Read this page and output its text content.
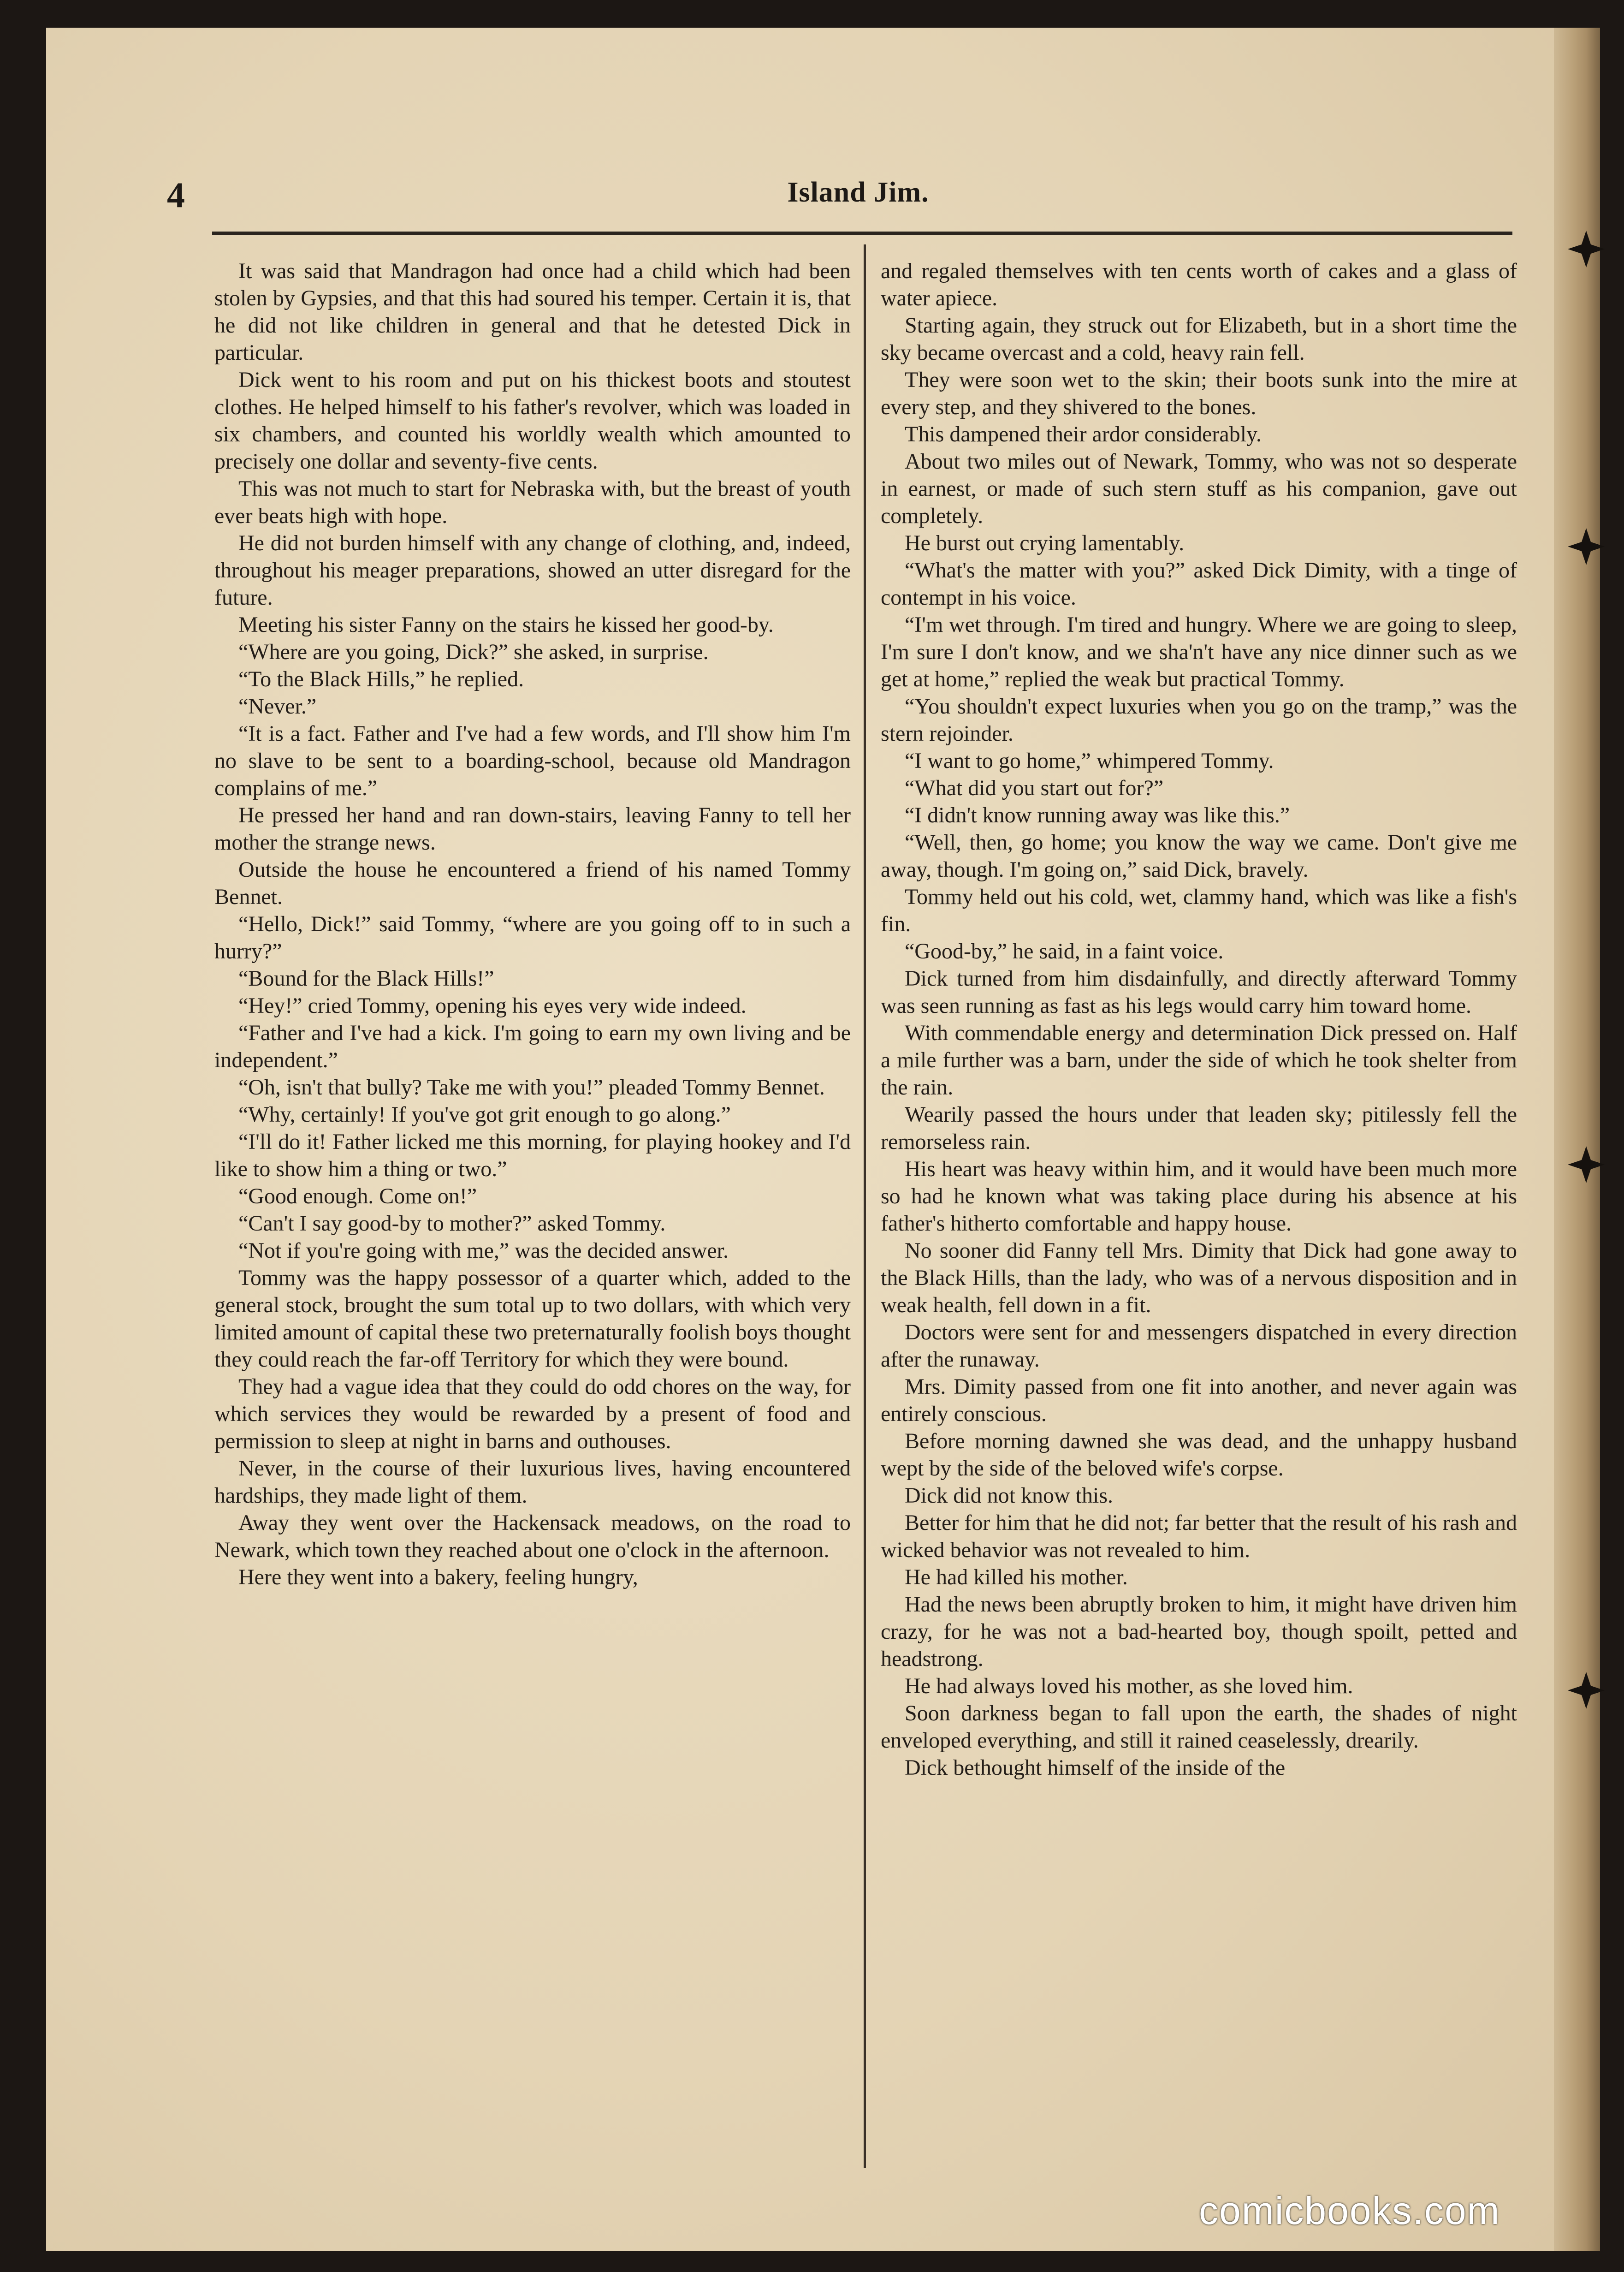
4	Island Jim.

It was said that Mandragon had once had a child which had been stolen by Gypsies, and that this had soured his temper. Certain it is, that he did not like children in general and that he detested Dick in particular.

Dick went to his room and put on his thickest boots and stoutest clothes. He helped himself to his father's revolver, which was loaded in six chambers, and counted his worldly wealth which amounted to precisely one dollar and seventy-five cents.

This was not much to start for Nebraska with, but the breast of youth ever beats high with hope.

He did not burden himself with any change of clothing, and, indeed, throughout his meager preparations, showed an utter disregard for the future.

Meeting his sister Fanny on the stairs he kissed her good-by.

“Where are you going, Dick?” she asked, in surprise.

“To the Black Hills,” he replied.

“Never.”

“It is a fact. Father and I've had a few words, and I'll show him I'm no slave to be sent to a boarding-school, because old Mandragon complains of me.”

He pressed her hand and ran down-stairs, leaving Fanny to tell her mother the strange news.

Outside the house he encountered a friend of his named Tommy Bennet.

“Hello, Dick!” said Tommy, “where are you going off to in such a hurry?”

“Bound for the Black Hills!”

“Hey!” cried Tommy, opening his eyes very wide indeed.

“Father and I've had a kick. I'm going to earn my own living and be independent.”

“Oh, isn't that bully? Take me with you!” pleaded Tommy Bennet.

“Why, certainly! If you've got grit enough to go along.”

“I'll do it! Father licked me this morning, for playing hookey and I'd like to show him a thing or two.”

“Good enough. Come on!”

“Can't I say good-by to mother?” asked Tommy.

“Not if you're going with me,” was the decided answer.

Tommy was the happy possessor of a quarter which, added to the general stock, brought the sum total up to two dollars, with which very limited amount of capital these two preternaturally foolish boys thought they could reach the far-off Territory for which they were bound.

They had a vague idea that they could do odd chores on the way, for which services they would be rewarded by a present of food and permission to sleep at night in barns and outhouses.

Never, in the course of their luxurious lives, having encountered hardships, they made light of them.

Away they went over the Hackensack meadows, on the road to Newark, which town they reached about one o'clock in the afternoon.

Here they went into a bakery, feeling hungry,

and regaled themselves with ten cents worth of cakes and a glass of water apiece.

Starting again, they struck out for Elizabeth, but in a short time the sky became overcast and a cold, heavy rain fell.

They were soon wet to the skin; their boots sunk into the mire at every step, and they shivered to the bones.

This dampened their ardor considerably.

About two miles out of Newark, Tommy, who was not so desperate in earnest, or made of such stern stuff as his companion, gave out completely.

He burst out crying lamentably.

“What's the matter with you?” asked Dick Dimity, with a tinge of contempt in his voice.

“I'm wet through. I'm tired and hungry. Where we are going to sleep, I'm sure I don't know, and we sha'n't have any nice dinner such as we get at home,” replied the weak but practical Tommy.

“You shouldn't expect luxuries when you go on the tramp,” was the stern rejoinder.

“I want to go home,” whimpered Tommy.

“What did you start out for?”

“I didn't know running away was like this.”

“Well, then, go home; you know the way we came. Don't give me away, though. I'm going on,” said Dick, bravely.

Tommy held out his cold, wet, clammy hand, which was like a fish's fin.

“Good-by,” he said, in a faint voice.

Dick turned from him disdainfully, and directly afterward Tommy was seen running as fast as his legs would carry him toward home.

With commendable energy and determination Dick pressed on. Half a mile further was a barn, under the side of which he took shelter from the rain.

Wearily passed the hours under that leaden sky; pitilessly fell the remorseless rain.

His heart was heavy within him, and it would have been much more so had he known what was taking place during his absence at his father's hitherto comfortable and happy house.

No sooner did Fanny tell Mrs. Dimity that Dick had gone away to the Black Hills, than the lady, who was of a nervous disposition and in weak health, fell down in a fit.

Doctors were sent for and messengers dispatched in every direction after the runaway.

Mrs. Dimity passed from one fit into another, and never again was entirely conscious.

Before morning dawned she was dead, and the unhappy husband wept by the side of the beloved wife's corpse.

Dick did not know this.

Better for him that he did not; far better that the result of his rash and wicked behavior was not revealed to him.

He had killed his mother.

Had the news been abruptly broken to him, it might have driven him crazy, for he was not a bad-hearted boy, though spoilt, petted and headstrong.

He had always loved his mother, as she loved him.

Soon darkness began to fall upon the earth, the shades of night enveloped everything, and still it rained ceaselessly, drearily.

Dick bethought himself of the inside of the

comicbooks.com
